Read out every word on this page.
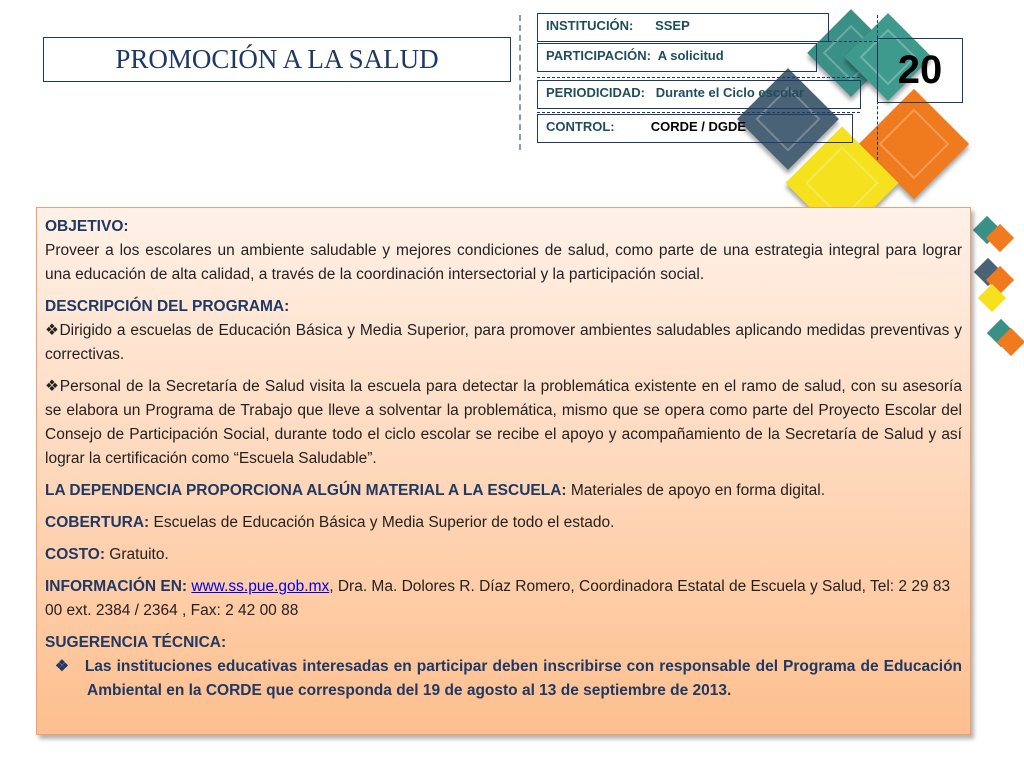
PROMOCIÓN A LA SALUD
INSTITUCIÓN: SSEP
PARTICIPACIÓN: A solicitud
PERIODICIDAD: Durante el Ciclo escolar
CONTROL:	CORDE / DGDE
20
OBJETIVO:
Proveer a los escolares un ambiente saludable y mejores condiciones de salud, como parte de una estrategia integral para lograr una educación de alta calidad, a través de la coordinación intersectorial y la participación social.
DESCRIPCIÓN DEL PROGRAMA:
❖Dirigido a escuelas de Educación Básica y Media Superior, para promover ambientes saludables aplicando medidas preventivas y correctivas.
❖Personal de la Secretaría de Salud visita la escuela para detectar la problemática existente en el ramo de salud, con su asesoría se elabora un Programa de Trabajo que lleve a solventar la problemática, mismo que se opera como parte del Proyecto Escolar del Consejo de Participación Social, durante todo el ciclo escolar se recibe el apoyo y acompañamiento de la Secretaría de Salud y así lograr la certificación como “Escuela Saludable”.
LA DEPENDENCIA PROPORCIONA ALGÚN MATERIAL A LA ESCUELA: Materiales de apoyo en forma digital.
COBERTURA: Escuelas de Educación Básica y Media Superior de todo el estado.
COSTO: Gratuito.
INFORMACIÓN EN: www.ss.pue.gob.mx, Dra. Ma. Dolores R. Díaz Romero, Coordinadora Estatal de Escuela y Salud, Tel: 2 29 83 00 ext. 2384 / 2364 , Fax: 2 42 00 88
SUGERENCIA TÉCNICA:
❖ Las instituciones educativas interesadas en participar deben inscribirse con responsable del Programa de Educación Ambiental en la CORDE que corresponda del 19 de agosto al 13 de septiembre de 2013.
